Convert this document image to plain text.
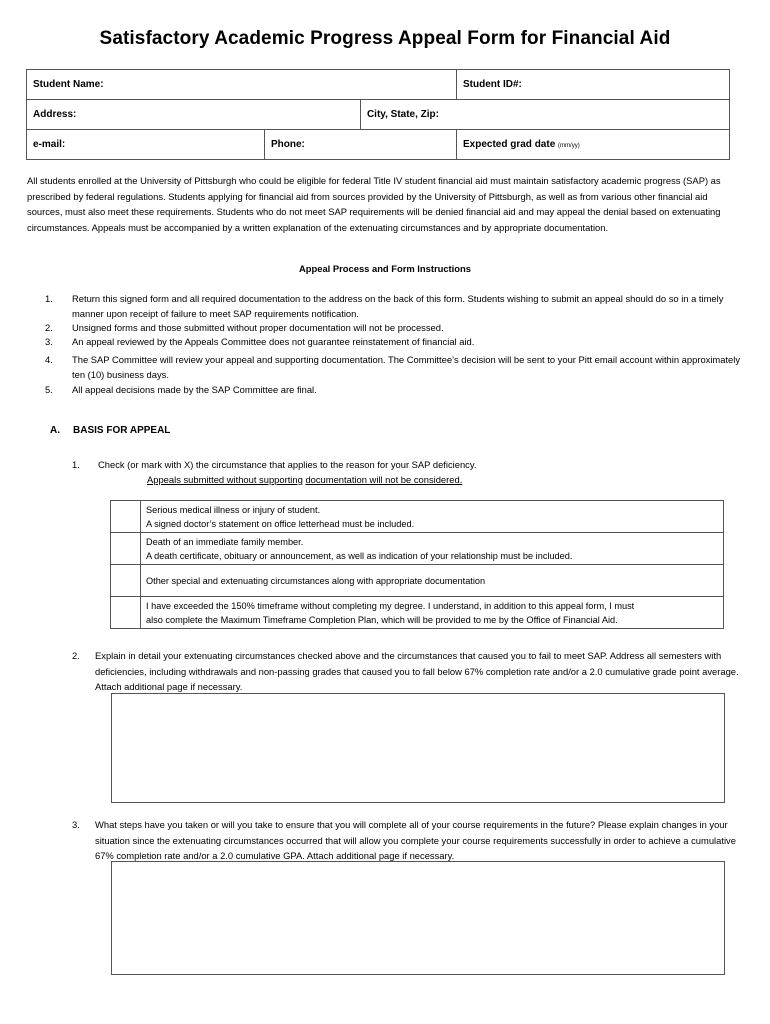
Satisfactory Academic Progress Appeal Form for Financial Aid
Student Name:			Student ID#:
Address:		City, State, Zip:	
e-mail:	Phone:		Expected grad date (mm/yy)
All students enrolled at the University of Pittsburgh who could be eligible for federal Title IV student financial aid must maintain satisfactory academic progress (SAP) as prescribed by federal regulations. Students applying for financial aid from sources provided by the University of Pittsburgh, as well as from various other financial aid sources, must also meet these requirements. Students who do not meet SAP requirements will be denied financial aid and may appeal the denial based on extenuating circumstances. Appeals must be accompanied by a written explanation of the extenuating circumstances and by appropriate documentation.
Appeal Process and Form Instructions
1.	Return this signed form and all required documentation to the address on the back of this form. Students wishing to submit an appeal should do so in a timely manner upon receipt of failure to meet SAP requirements notification.
2.	Unsigned forms and those submitted without proper documentation will not be processed.
3.	An appeal reviewed by the Appeals Committee does not guarantee reinstatement of financial aid.
4.	The SAP Committee will review your appeal and supporting documentation. The Committee’s decision will be sent to your Pitt email account within approximately ten (10) business days.
5.	All appeal decisions made by the SAP Committee are final.
A. BASIS FOR APPEAL
1. Check (or mark with X) the circumstance that applies to the reason for your SAP deficiency.
Appeals submitted without supporting documentation will not be considered.

	Serious medical illness or injury of student.
A signed doctor’s statement on office letterhead must be included.

	Death of an immediate family member.
A death certificate, obituary or announcement, as well as indication of your relationship must be included.

	Other special and extenuating circumstances along with appropriate documentation

	I have exceeded the 150% timeframe without completing my degree. I understand, in addition to this appeal form, I must
also complete the Maximum Timeframe Completion Plan, which will be provided to me by the Office of Financial Aid.
2. Explain in detail your extenuating circumstances checked above and the circumstances that caused you to fail to meet SAP. Address all semesters with deficiencies, including withdrawals and non-passing grades that caused you to fall below 67% completion rate and/or a 2.0 cumulative grade point average. Attach additional page if necessary.
3. What steps have you taken or will you take to ensure that you will complete all of your course requirements in the future? Please explain changes in your situation since the extenuating circumstances occurred that will allow you complete your course requirements successfully in order to achieve a cumulative 67% completion rate and/or a 2.0 cumulative GPA. Attach additional page if necessary.
